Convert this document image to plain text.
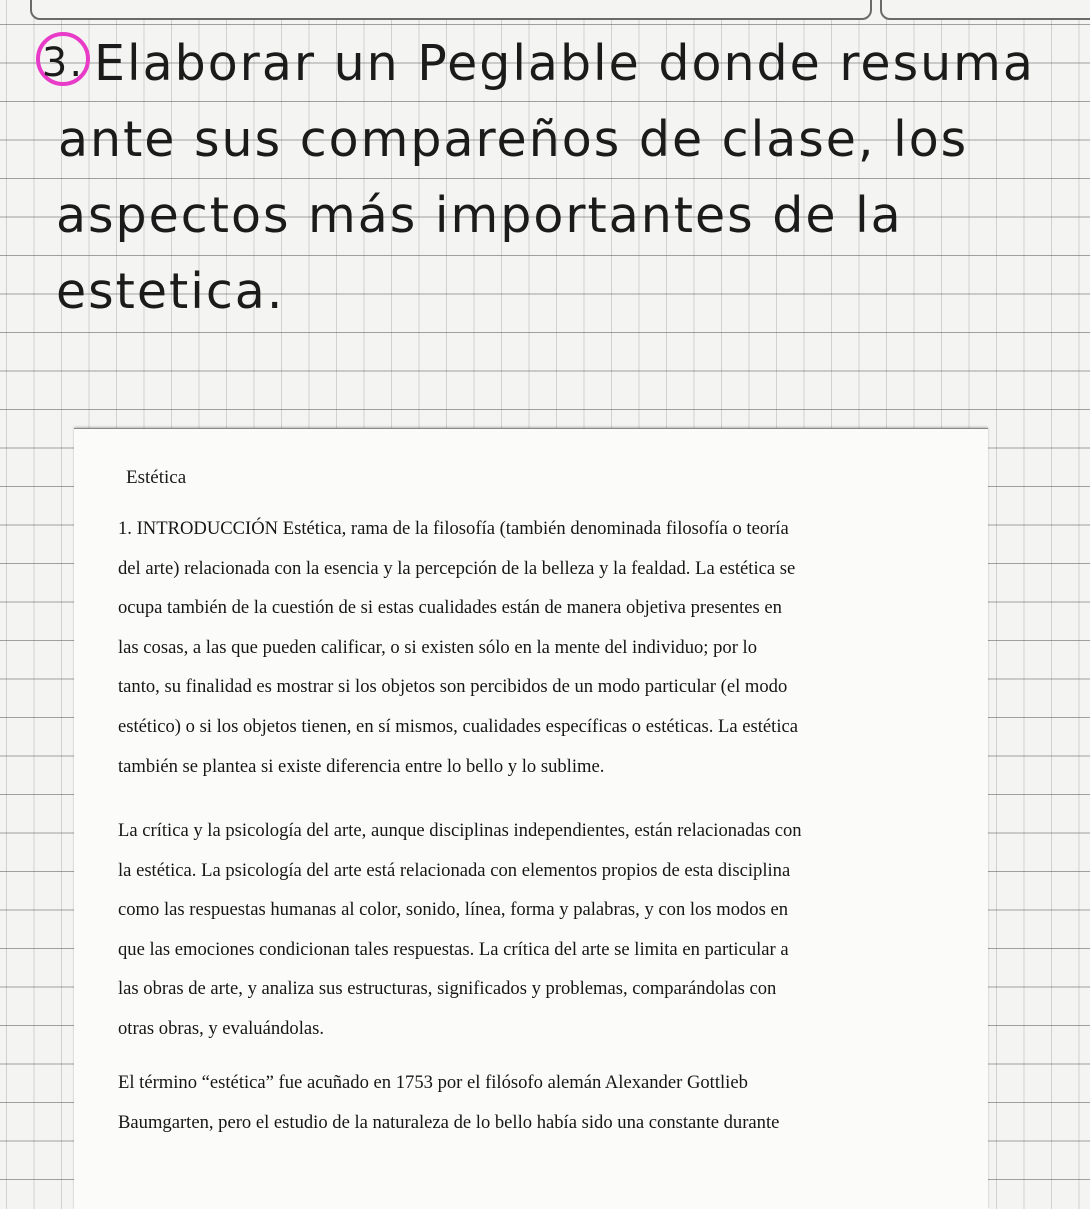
3. Elaborar un Peglable donde resuma
ante sus compareños de clase, los
aspectos más importantes de la
estetica.
Estética

1. INTRODUCCIÓN Estética, rama de la filosofía (también denominada filosofía o teoría
del arte) relacionada con la esencia y la percepción de la belleza y la fealdad. La estética se
ocupa también de la cuestión de si estas cualidades están de manera objetiva presentes en
las cosas, a las que pueden calificar, o si existen sólo en la mente del individuo; por lo
tanto, su finalidad es mostrar si los objetos son percibidos de un modo particular (el modo
estético) o si los objetos tienen, en sí mismos, cualidades específicas o estéticas. La estética
también se plantea si existe diferencia entre lo bello y lo sublime.

La crítica y la psicología del arte, aunque disciplinas independientes, están relacionadas con
la estética. La psicología del arte está relacionada con elementos propios de esta disciplina
como las respuestas humanas al color, sonido, línea, forma y palabras, y con los modos en
que las emociones condicionan tales respuestas. La crítica del arte se limita en particular a
las obras de arte, y analiza sus estructuras, significados y problemas, comparándolas con
otras obras, y evaluándolas.

El término “estética” fue acuñado en 1753 por el filósofo alemán Alexander Gottlieb
Baumgarten, pero el estudio de la naturaleza de lo bello había sido una constante durante
